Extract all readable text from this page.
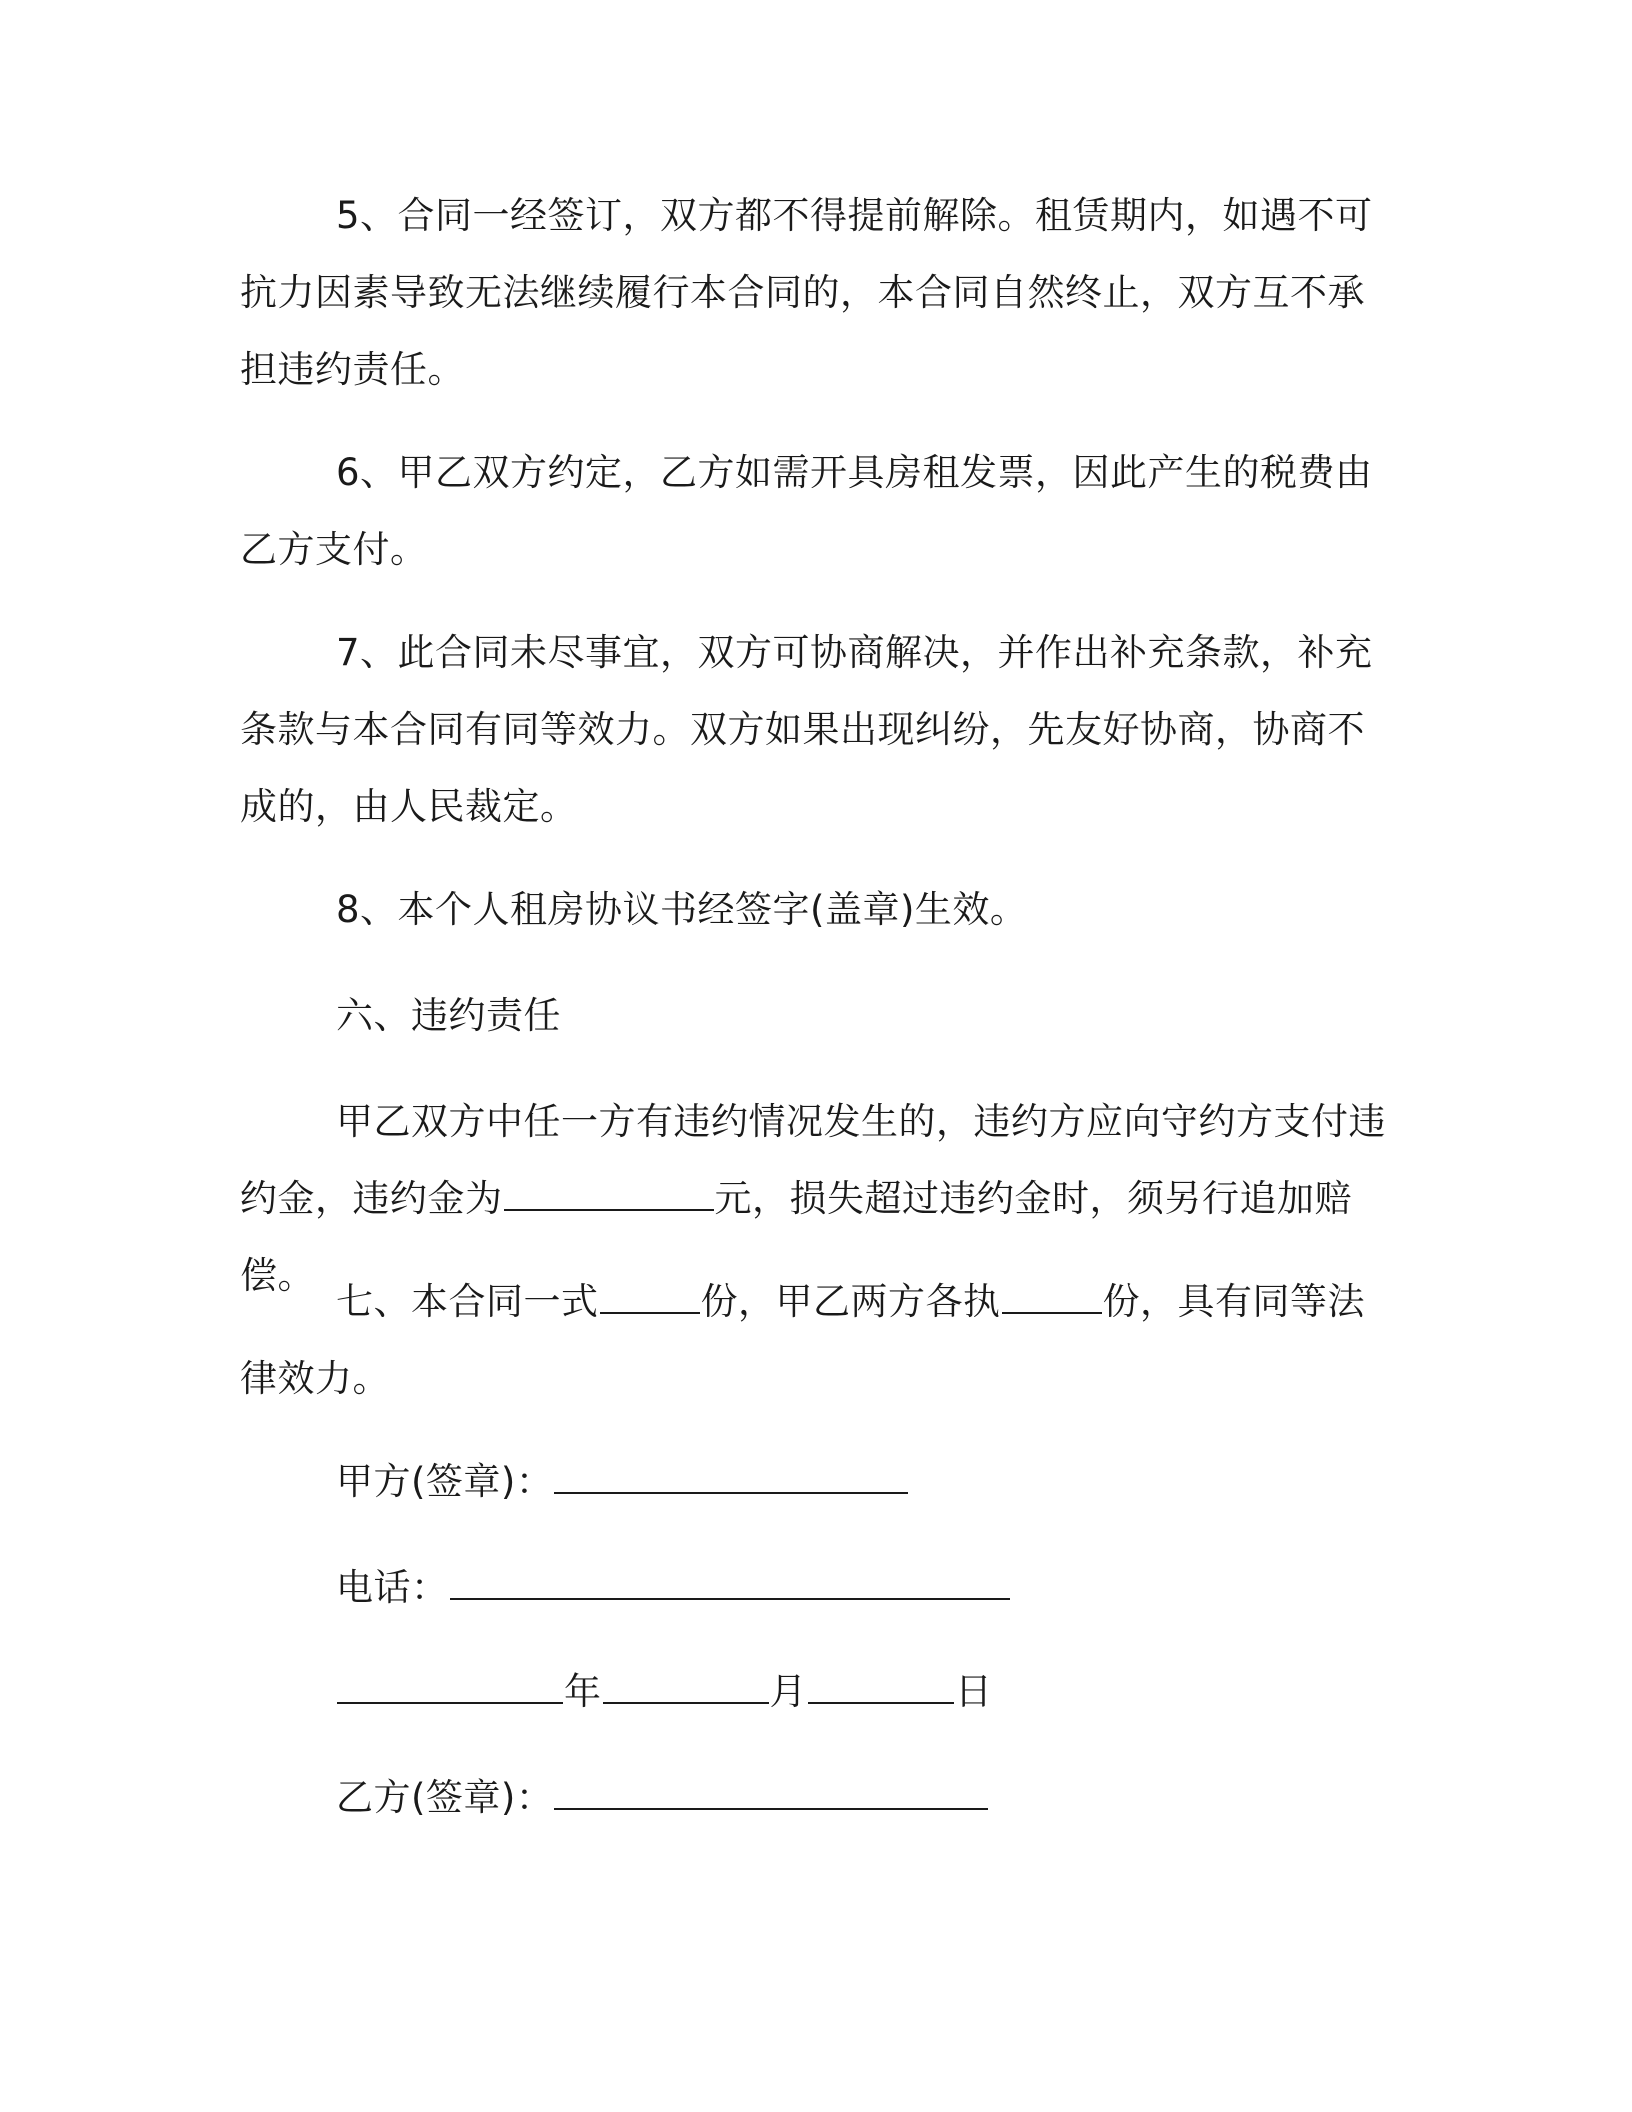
5、合同一经签订，双方都不得提前解除。租赁期内，如遇不可抗力因素导致无法继续履行本合同的，本合同自然终止，双方互不承担违约责任。

6、甲乙双方约定，乙方如需开具房租发票，因此产生的税费由乙方支付。

7、此合同未尽事宜，双方可协商解决，并作出补充条款，补充条款与本合同有同等效力。双方如果出现纠纷，先友好协商，协商不成的，由人民裁定。

8、本个人租房协议书经签字(盖章)生效。

六、违约责任

甲乙双方中任一方有违约情况发生的，违约方应向守约方支付违约金，违约金为	元，损失超过违约金时，须另行追加赔偿。

七、本合同一式	份，甲乙两方各执	份，具有同等法律效力。

甲方(签章)：

电话：

年	月	日

乙方(签章)：
